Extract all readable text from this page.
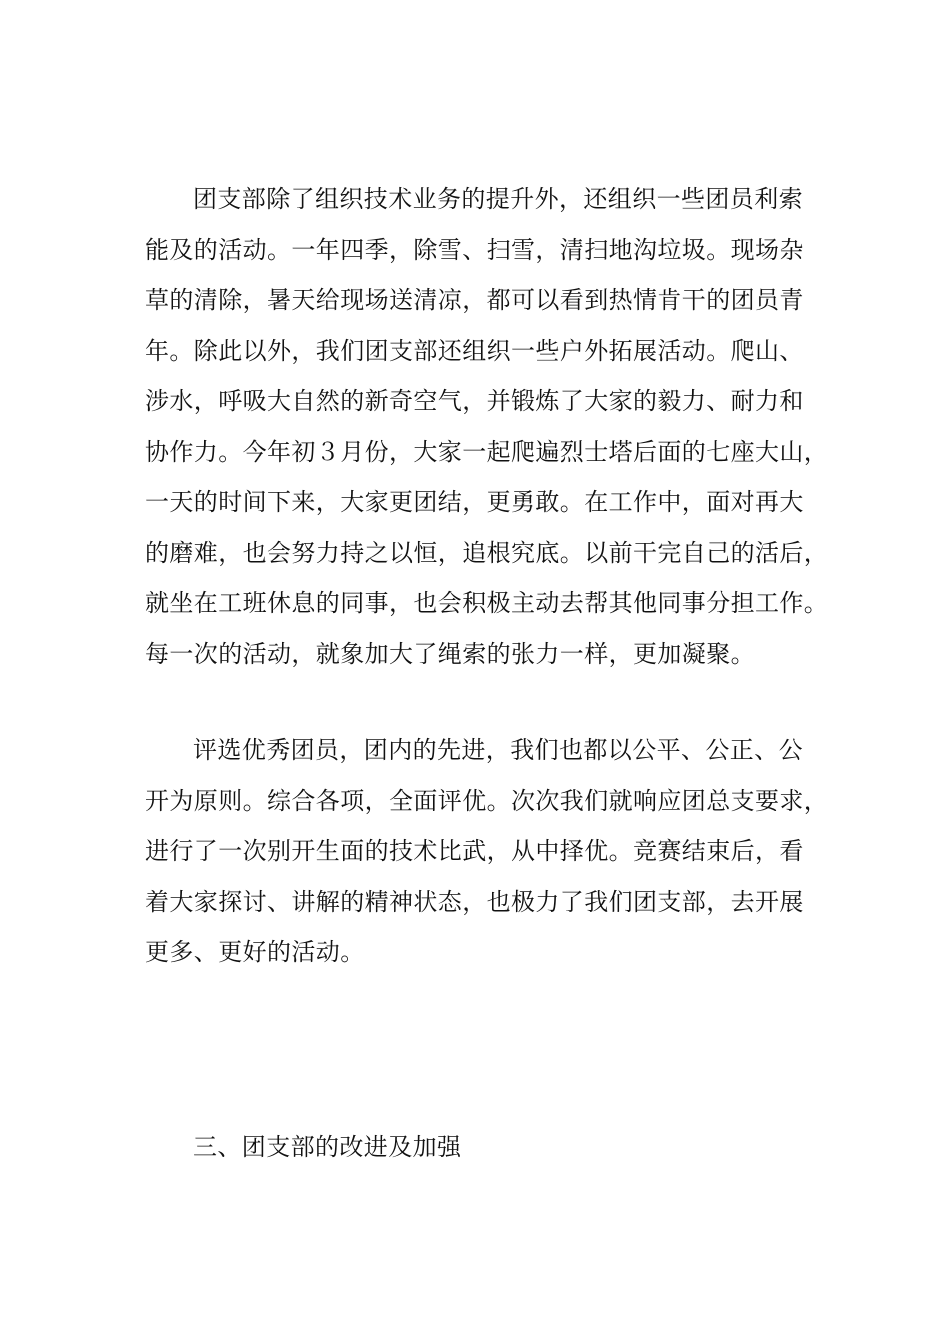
团支部除了组织技术业务的提升外，还组织一些团员利索
能及的活动。一年四季，除雪、扫雪，清扫地沟垃圾。现场杂
草的清除，暑天给现场送清凉，都可以看到热情肯干的团员青
年。除此以外，我们团支部还组织一些户外拓展活动。爬山、
涉水，呼吸大自然的新奇空气，并锻炼了大家的毅力、耐力和
协作力。今年初３月份，大家一起爬遍烈士塔后面的七座大山，
一天的时间下来，大家更团结，更勇敢。在工作中，面对再大
的磨难，也会努力持之以恒，追根究底。以前干完自己的活后，
就坐在工班休息的同事，也会积极主动去帮其他同事分担工作。
每一次的活动，就象加大了绳索的张力一样，更加凝聚。
评选优秀团员，团内的先进，我们也都以公平、公正、公
开为原则。综合各项，全面评优。次次我们就响应团总支要求，
进行了一次别开生面的技术比武，从中择优。竞赛结束后，看
着大家探讨、讲解的精神状态，也极力了我们团支部，去开展
更多、更好的活动。
三、团支部的改进及加强
